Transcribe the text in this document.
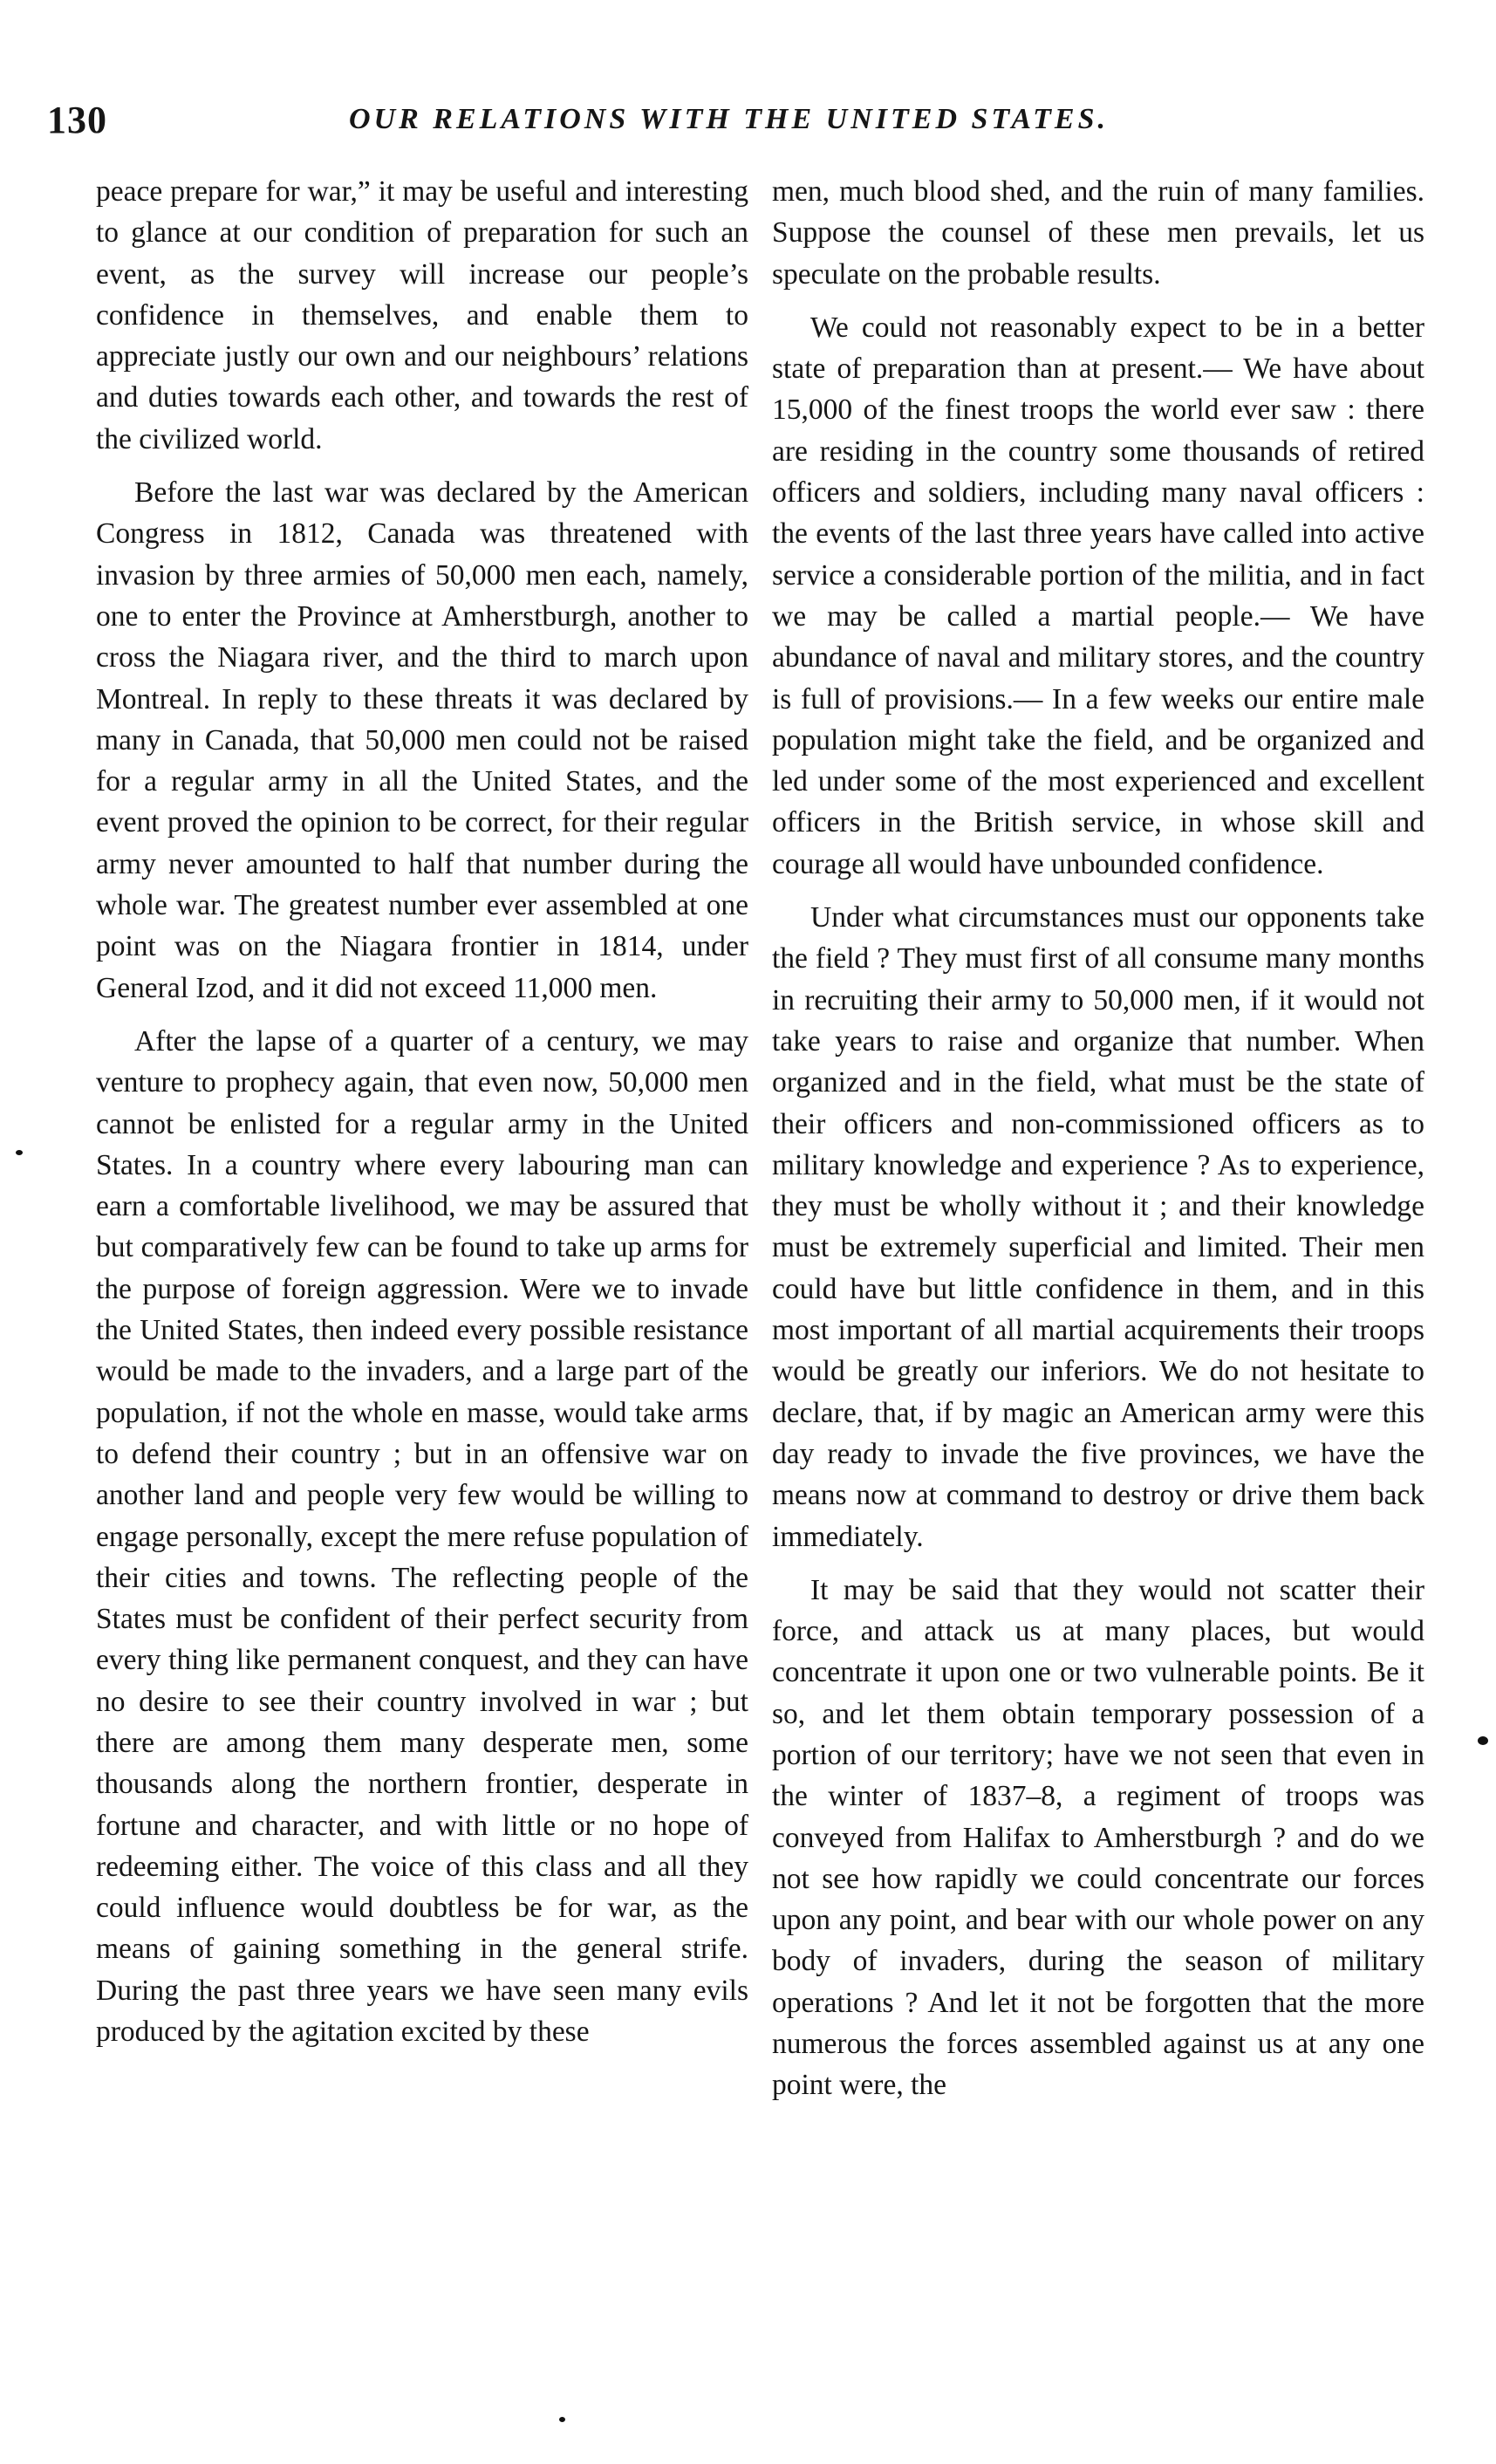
130	OUR RELATIONS WITH THE UNITED STATES.

peace prepare for war,” it may be useful and interesting to glance at our condition of preparation for such an event, as the survey will increase our people’s confidence in themselves, and enable them to appreciate justly our own and our neighbours’ relations and duties towards each other, and towards the rest of the civilized world.

Before the last war was declared by the American Congress in 1812, Canada was threatened with invasion by three armies of 50,000 men each, namely, one to enter the Province at Amherstburgh, another to cross the Niagara river, and the third to march upon Montreal. In reply to these threats it was declared by many in Canada, that 50,000 men could not be raised for a regular army in all the United States, and the event proved the opinion to be correct, for their regular army never amounted to half that number during the whole war. The greatest number ever assembled at one point was on the Niagara frontier in 1814, under General Izod, and it did not exceed 11,000 men.

After the lapse of a quarter of a century, we may venture to prophecy again, that even now, 50,000 men cannot be enlisted for a regular army in the United States. In a country where every labouring man can earn a comfortable livelihood, we may be assured that but comparatively few can be found to take up arms for the purpose of foreign aggression. Were we to invade the United States, then indeed every possible resistance would be made to the invaders, and a large part of the population, if not the whole en masse, would take arms to defend their country ; but in an offensive war on another land and people very few would be willing to engage personally, except the mere refuse population of their cities and towns. The reflecting people of the States must be confident of their perfect security from every thing like permanent conquest, and they can have no desire to see their country involved in war ; but there are among them many desperate men, some thousands along the northern frontier, desperate in fortune and character, and with little or no hope of redeeming either. The voice of this class and all they could influence would doubtless be for war, as the means of gaining something in the general strife. During the past three years we have seen many evils produced by the agitation excited by these

men, much blood shed, and the ruin of many families. Suppose the counsel of these men prevails, let us speculate on the probable results.

We could not reasonably expect to be in a better state of preparation than at present.— We have about 15,000 of the finest troops the world ever saw : there are residing in the country some thousands of retired officers and soldiers, including many naval officers : the events of the last three years have called into active service a considerable portion of the militia, and in fact we may be called a martial people.— We have abundance of naval and military stores, and the country is full of provisions.— In a few weeks our entire male population might take the field, and be organized and led under some of the most experienced and excellent officers in the British service, in whose skill and courage all would have unbounded confidence.

Under what circumstances must our opponents take the field ? They must first of all consume many months in recruiting their army to 50,000 men, if it would not take years to raise and organize that number. When organized and in the field, what must be the state of their officers and non-commissioned officers as to military knowledge and experience ? As to experience, they must be wholly without it ; and their knowledge must be extremely superficial and limited. Their men could have but little confidence in them, and in this most important of all martial acquirements their troops would be greatly our inferiors. We do not hesitate to declare, that, if by magic an American army were this day ready to invade the five provinces, we have the means now at command to destroy or drive them back immediately.

It may be said that they would not scatter their force, and attack us at many places, but would concentrate it upon one or two vulnerable points. Be it so, and let them obtain temporary possession of a portion of our territory; have we not seen that even in the winter of 1837–8, a regiment of troops was conveyed from Halifax to Amherstburgh ? and do we not see how rapidly we could concentrate our forces upon any point, and bear with our whole power on any body of invaders, during the season of military operations ? And let it not be forgotten that the more numerous the forces assembled against us at any one point were, the
